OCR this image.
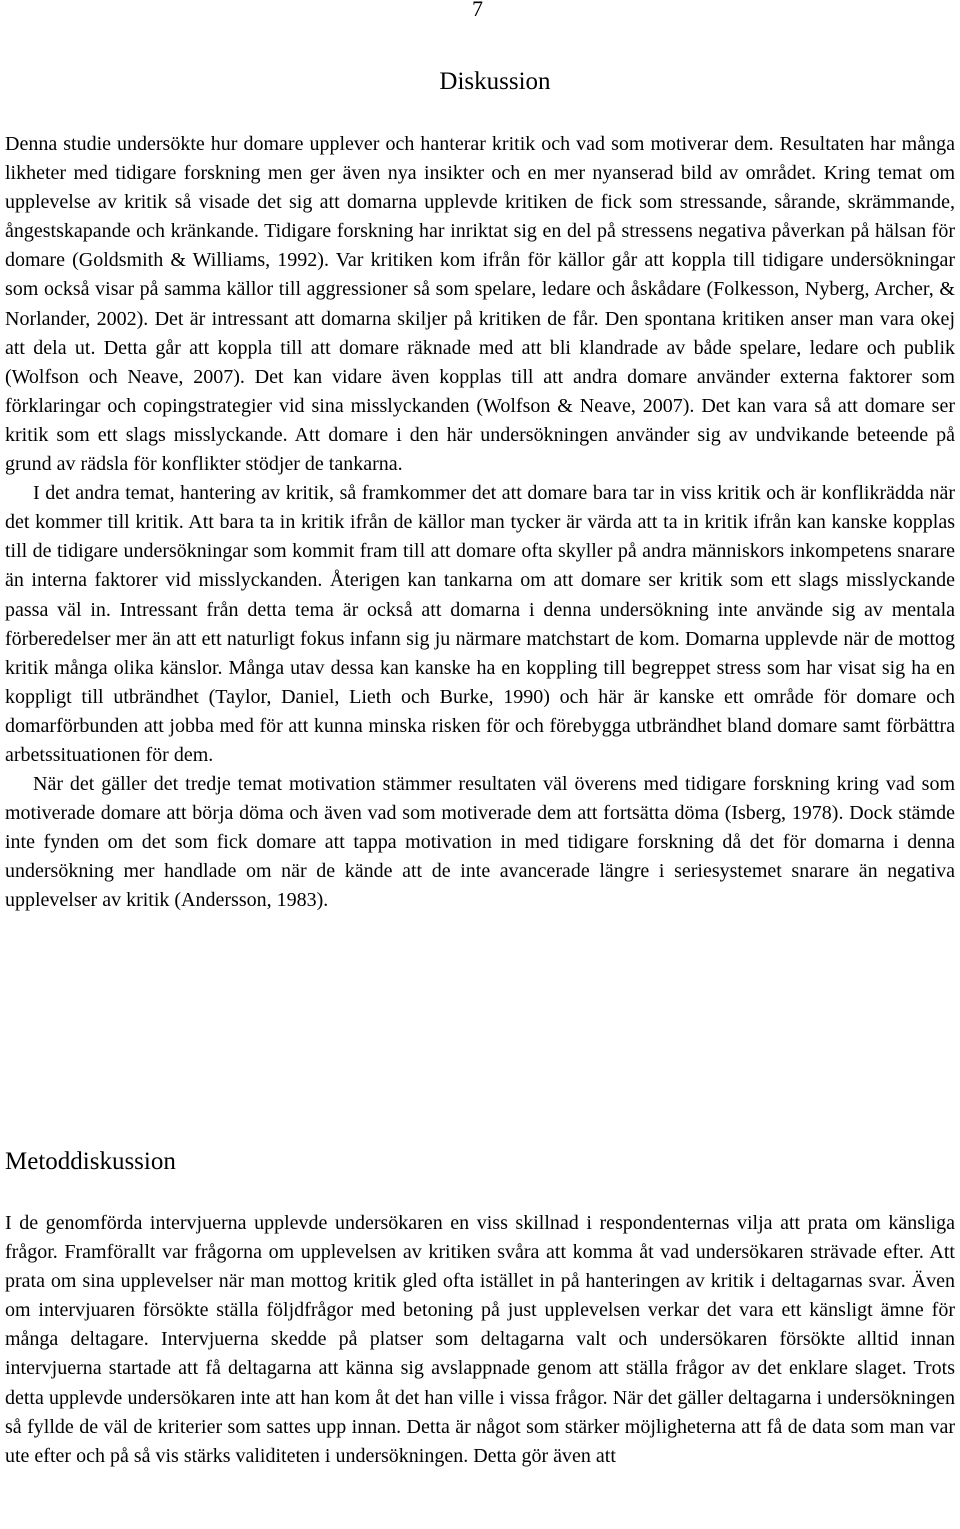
7
Diskussion

Denna studie undersökte hur domare upplever och hanterar kritik och vad som motiverar dem. Resultaten har många likheter med tidigare forskning men ger även nya insikter och en mer nyanserad bild av området. Kring temat om upplevelse av kritik så visade det sig att domarna upplevde kritiken de fick som stressande, sårande, skrämmande, ångestskapande och kränkande. Tidigare forskning har inriktat sig en del på stressens negativa påverkan på hälsan för domare (Goldsmith & Williams, 1992). Var kritiken kom ifrån för källor går att koppla till tidigare undersökningar som också visar på samma källor till aggressioner så som spelare, ledare och åskådare (Folkesson, Nyberg, Archer, & Norlander, 2002). Det är intressant att domarna skiljer på kritiken de får. Den spontana kritiken anser man vara okej att dela ut. Detta går att koppla till att domare räknade med att bli klandrade av både spelare, ledare och publik (Wolfson och Neave, 2007). Det kan vidare även kopplas till att andra domare använder externa faktorer som förklaringar och copingstrategier vid sina misslyckanden (Wolfson & Neave, 2007). Det kan vara så att domare ser kritik som ett slags misslyckande. Att domare i den här undersökningen använder sig av undvikande beteende på grund av rädsla för konflikter stödjer de tankarna.

I det andra temat, hantering av kritik, så framkommer det att domare bara tar in viss kritik och är konflikrädda när det kommer till kritik. Att bara ta in kritik ifrån de källor man tycker är värda att ta in kritik ifrån kan kanske kopplas till de tidigare undersökningar som kommit fram till att domare ofta skyller på andra människors inkompetens snarare än interna faktorer vid misslyckanden. Återigen kan tankarna om att domare ser kritik som ett slags misslyckande passa väl in. Intressant från detta tema är också att domarna i denna undersökning inte använde sig av mentala förberedelser mer än att ett naturligt fokus infann sig ju närmare matchstart de kom. Domarna upplevde när de mottog kritik många olika känslor. Många utav dessa kan kanske ha en koppling till begreppet stress som har visat sig ha en koppligt till utbrändhet (Taylor, Daniel, Lieth och Burke, 1990) och här är kanske ett område för domare och domarförbunden att jobba med för att kunna minska risken för och förebygga utbrändhet bland domare samt förbättra arbetssituationen för dem.

När det gäller det tredje temat motivation stämmer resultaten väl överens med tidigare forskning kring vad som motiverade domare att börja döma och även vad som motiverade dem att fortsätta döma (Isberg, 1978). Dock stämde inte fynden om det som fick domare att tappa motivation in med tidigare forskning då det för domarna i denna undersökning mer handlade om när de kände att de inte avancerade längre i seriesystemet snarare än negativa upplevelser av kritik (Andersson, 1983).

Metoddiskussion

I de genomförda intervjuerna upplevde undersökaren en viss skillnad i respondenternas vilja att prata om känsliga frågor. Framförallt var frågorna om upplevelsen av kritiken svåra att komma åt vad undersökaren strävade efter. Att prata om sina upplevelser när man mottog kritik gled ofta istället in på hanteringen av kritik i deltagarnas svar. Även om intervjuaren försökte ställa följdfrågor med betoning på just upplevelsen verkar det vara ett känsligt ämne för många deltagare. Intervjuerna skedde på platser som deltagarna valt och undersökaren försökte alltid innan intervjuerna startade att få deltagarna att känna sig avslappnade genom att ställa frågor av det enklare slaget. Trots detta upplevde undersökaren inte att han kom åt det han ville i vissa frågor. När det gäller deltagarna i undersökningen så fyllde de väl de kriterier som sattes upp innan. Detta är något som stärker möjligheterna att få de data som man var ute efter och på så vis stärks validiteten i undersökningen. Detta gör även att
